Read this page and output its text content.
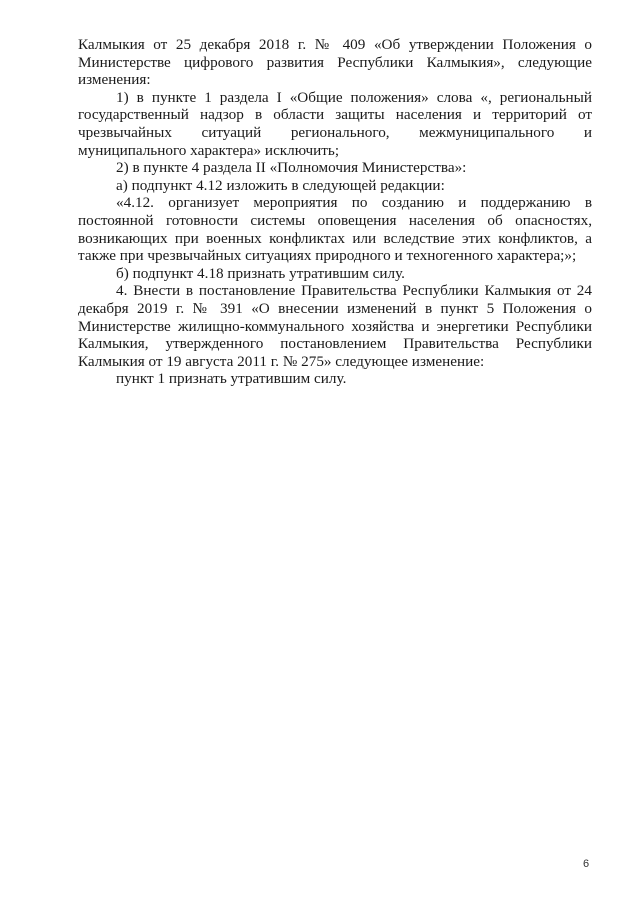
Калмыкия от 25 декабря 2018 г. № 409 «Об утверждении Положения о Министерстве цифрового развития Республики Калмыкия», следующие изменения:

1) в пункте 1 раздела I «Общие положения» слова «, региональный государственный надзор в области защиты населения и территорий от чрезвычайных ситуаций регионального, межмуниципального и муниципального характера» исключить;

2) в пункте 4 раздела II «Полномочия Министерства»:

а) подпункт 4.12 изложить в следующей редакции:

«4.12. организует мероприятия по созданию и поддержанию в постоянной готовности системы оповещения населения об опасностях, возникающих при военных конфликтах или вследствие этих конфликтов, а также при чрезвычайных ситуациях природного и техногенного характера;»;

б) подпункт 4.18 признать утратившим силу.

4. Внести в постановление Правительства Республики Калмыкия от 24 декабря 2019 г. № 391 «О внесении изменений в пункт 5 Положения о Министерстве жилищно-коммунального хозяйства и энергетики Республики Калмыкия, утвержденного постановлением Правительства Республики Калмыкия от 19 августа 2011 г. № 275» следующее изменение:

пункт 1 признать утратившим силу.

6
